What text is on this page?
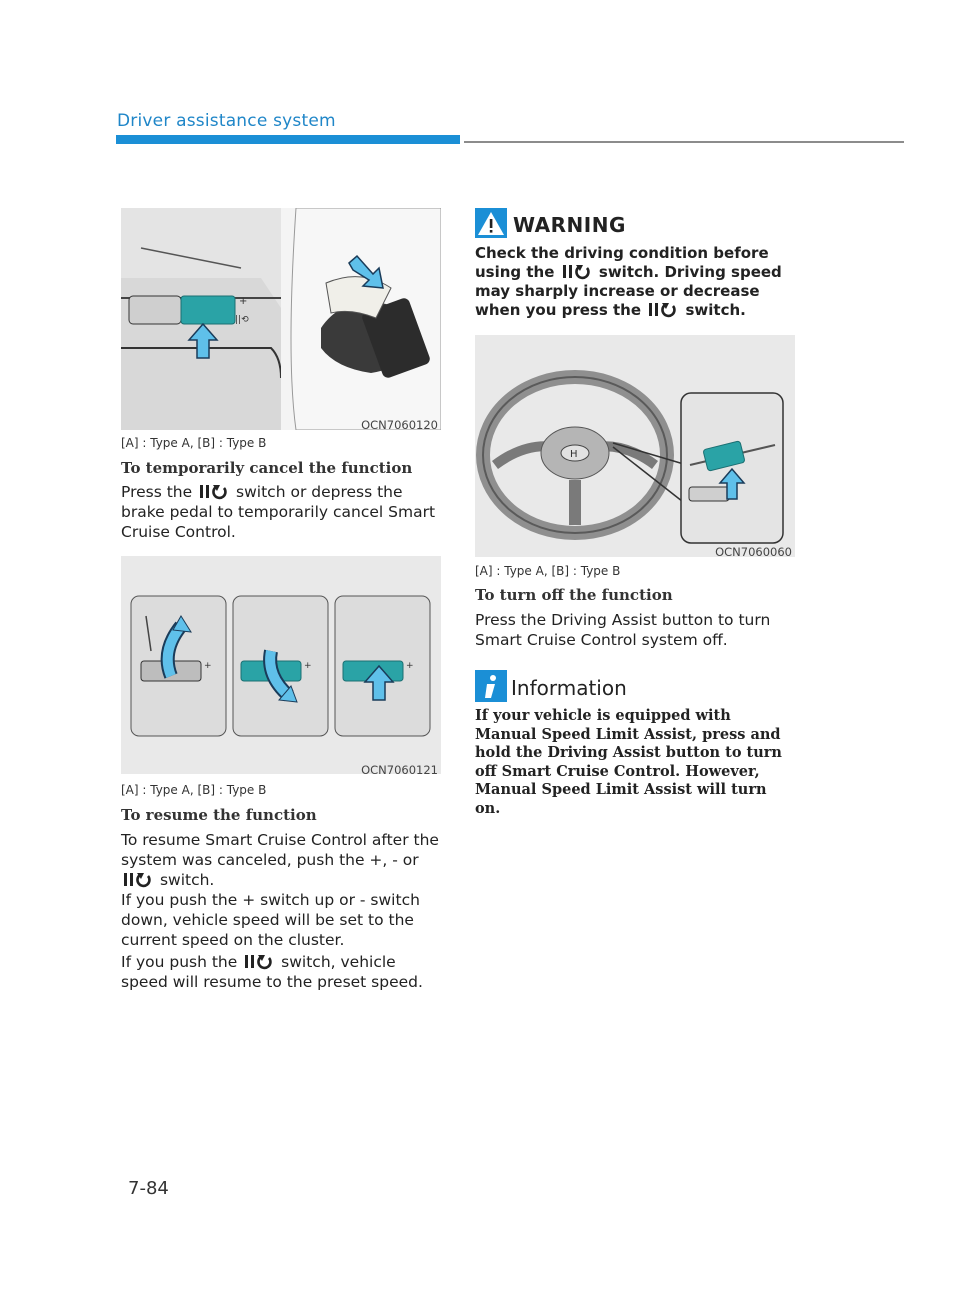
Driver assistance system
+
||⟲
OCN7060120
[A] : Type A, [B] : Type B
To temporarily cancel the function
Press the	switch or depress the brake pedal to temporarily cancel Smart Cruise Control.
+	+	+
OCN7060121
[A] : Type A, [B] : Type B
To resume the function
To resume Smart Cruise Control after the system was canceled, push the +, - or  switch.
If you push the + switch up or - switch down, vehicle speed will be set to the current speed on the cluster.
If you push the	switch, vehicle speed will resume to the preset speed.
WARNING
Check the driving condition before using the	switch. Driving speed may sharply increase or decrease when you press the	switch.
H
OCN7060060
[A] : Type A, [B] : Type B
To turn off the function
Press the Driving Assist button to turn Smart Cruise Control system off.
Information
If your vehicle is equipped with Manual Speed Limit Assist, press and hold the Driving Assist button to turn off Smart Cruise Control. However, Manual Speed Limit Assist will turn on.
7-84
